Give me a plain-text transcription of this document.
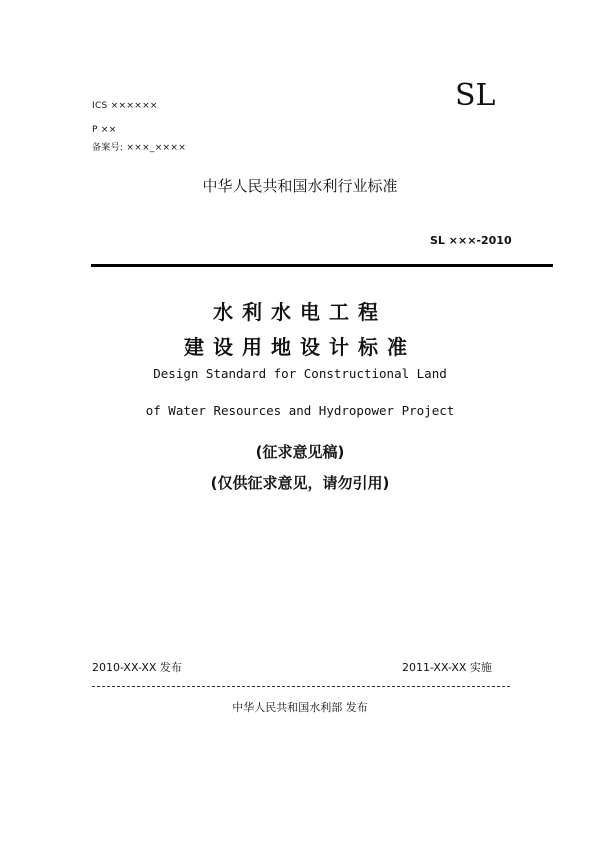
ICS ××××××
P ××
备案号: ×××_××××
SL
中华人民共和国水利行业标准
SL ×××-2010
水利水电工程
建设用地设计标准
Design Standard for Constructional Land
of Water Resources and Hydropower Project
(征求意见稿)
(仅供征求意见，请勿引用)
2010-XX-XX 发布	2011-XX-XX 实施
中华人民共和国水利部 发布
